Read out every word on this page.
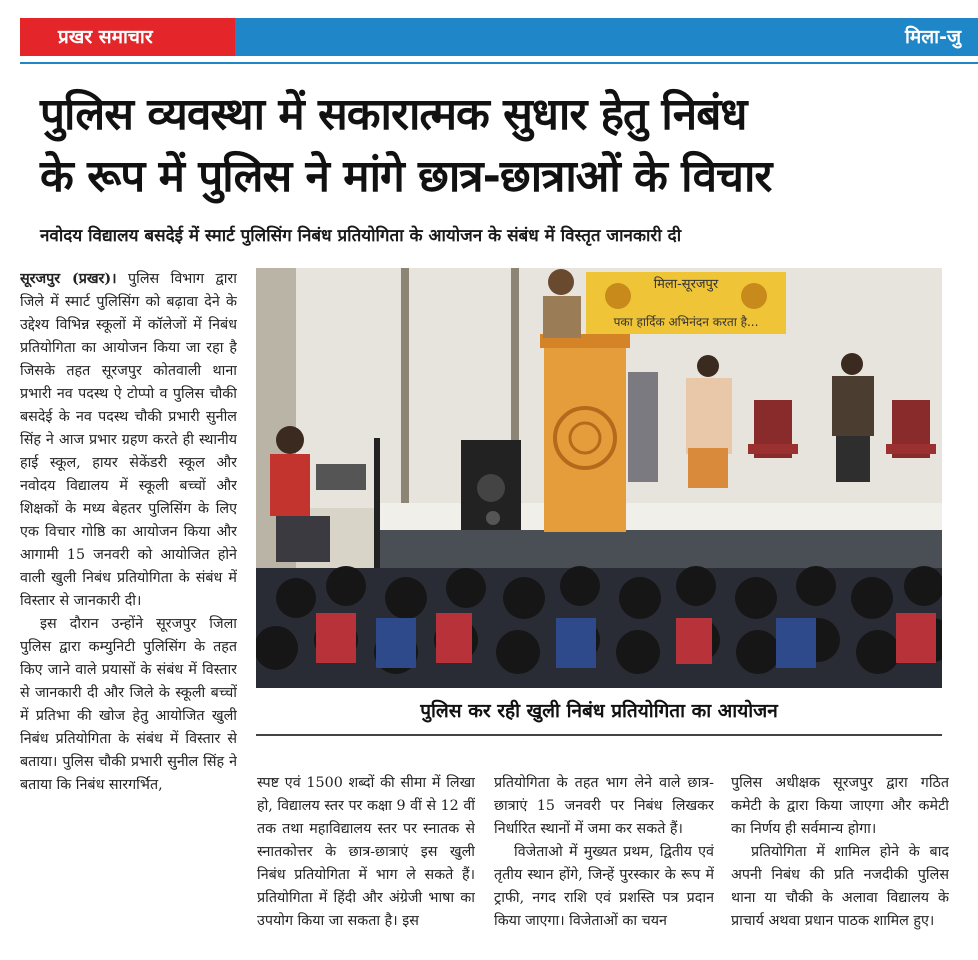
प्रखर समाचार	मिला-जु
पुलिस व्यवस्था में सकारात्मक सुधार हेतु निबंध
के रूप में पुलिस ने मांगे छात्र-छात्राओं के विचार
नवोदय विद्यालय बसदेई में स्मार्ट पुलिसिंग निबंध प्रतियोगिता के आयोजन के संबंध में विस्तृत जानकारी दी

सूरजपुर (प्रखर)। पुलिस विभाग द्वारा जिले में स्मार्ट पुलिसिंग को बढ़ावा देने के उद्देश्य विभिन्न स्कूलों में कॉलेजों में निबंध प्रतियोगिता का आयोजन किया जा रहा है जिसके तहत सूरजपुर कोतवाली थाना प्रभारी नव पदस्थ ऐ टोप्पो व पुलिस चौकी बसदेई के नव पदस्थ चौकी प्रभारी सुनील सिंह ने आज प्रभार ग्रहण करते ही स्थानीय हाई स्कूल, हायर सेकेंडरी स्कूल और नवोदय विद्यालय में स्कूली बच्चों और शिक्षकों के मध्य बेहतर पुलिसिंग के लिए एक विचार गोष्ठि का आयोजन किया और आगामी 15 जनवरी को आयोजित होने वाली खुली निबंध प्रतियोगिता के संबंध में विस्तार से जानकारी दी।

इस दौरान उन्होंने सूरजपुर जिला पुलिस द्वारा कम्युनिटी पुलिसिंग के तहत किए जाने वाले प्रयासों के संबंध में विस्तार से जानकारी दी और जिले के स्कूली बच्चों में प्रतिभा की खोज हेतु आयोजित खुली निबंध प्रतियोगिता के संबंध में विस्तार से बताया। पुलिस चौकी प्रभारी सुनील सिंह ने बताया कि निबंध सारगर्भित,

मिला-सूरजपुर
पका हार्दिक अभिनंदन करता है...
पुलिस कर रही खुली निबंध प्रतियोगिता का आयोजन

स्पष्ट एवं 1500 शब्दों की सीमा में लिखा हो, विद्यालय स्तर पर कक्षा 9 वीं से 12 वीं तक तथा महाविद्यालय स्तर पर स्नातक से स्नातकोत्तर के छात्र-छात्राएं इस खुली निबंध प्रतियोगिता में भाग ले सकते हैं। प्रतियोगिता में हिंदी और अंग्रेजी भाषा का उपयोग किया जा सकता है। इस

प्रतियोगिता के तहत भाग लेने वाले छात्र-छात्राएं 15 जनवरी पर निबंध लिखकर निर्धारित स्थानों में जमा कर सकते हैं।

विजेताओ में मुख्यत प्रथम, द्वितीय एवं तृतीय स्थान होंगे, जिन्हें पुरस्कार के रूप में ट्राफी, नगद राशि एवं प्रशस्ति पत्र प्रदान किया जाएगा। विजेताओं का चयन

पुलिस अधीक्षक सूरजपुर द्वारा गठित कमेटी के द्वारा किया जाएगा और कमेटी का निर्णय ही सर्वमान्य होगा।

प्रतियोगिता में शामिल होने के बाद अपनी निबंध की प्रति नजदीकी पुलिस थाना या चौकी के अलावा विद्यालय के प्राचार्य अथवा प्रधान पाठक शामिल हुए।
